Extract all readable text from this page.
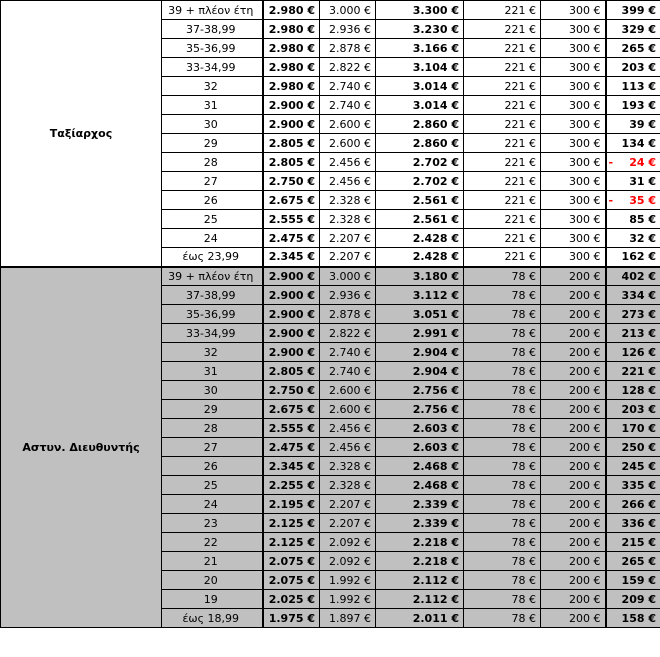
Ταξίαρχος	39 + πλέον έτη	2.980 €	3.000 €	3.300 €	221 €	300 €	399 €
	37-38,99	2.980 €	2.936 €	3.230 €	221 €	300 €	329 €
	35-36,99	2.980 €	2.878 €	3.166 €	221 €	300 €	265 €
	33-34,99	2.980 €	2.822 €	3.104 €	221 €	300 €	203 €
	32	2.980 €	2.740 €	3.014 €	221 €	300 €	113 €
	31	2.900 €	2.740 €	3.014 €	221 €	300 €	193 €
	30	2.900 €	2.600 €	2.860 €	221 €	300 €	39 €
	29	2.805 €	2.600 €	2.860 €	221 €	300 €	134 €
	28	2.805 €	2.456 €	2.702 €	221 €	300 €	- 24 €
	27	2.750 €	2.456 €	2.702 €	221 €	300 €	31 €
	26	2.675 €	2.328 €	2.561 €	221 €	300 €	- 35 €
	25	2.555 €	2.328 €	2.561 €	221 €	300 €	85 €
	24	2.475 €	2.207 €	2.428 €	221 €	300 €	32 €
	έως 23,99	2.345 €	2.207 €	2.428 €	221 €	300 €	162 €
Αστυν. Διευθυντής	39 + πλέον έτη	2.900 €	3.000 €	3.180 €	78 €	200 €	402 €
	37-38,99	2.900 €	2.936 €	3.112 €	78 €	200 €	334 €
	35-36,99	2.900 €	2.878 €	3.051 €	78 €	200 €	273 €
	33-34,99	2.900 €	2.822 €	2.991 €	78 €	200 €	213 €
	32	2.900 €	2.740 €	2.904 €	78 €	200 €	126 €
	31	2.805 €	2.740 €	2.904 €	78 €	200 €	221 €
	30	2.750 €	2.600 €	2.756 €	78 €	200 €	128 €
	29	2.675 €	2.600 €	2.756 €	78 €	200 €	203 €
	28	2.555 €	2.456 €	2.603 €	78 €	200 €	170 €
	27	2.475 €	2.456 €	2.603 €	78 €	200 €	250 €
	26	2.345 €	2.328 €	2.468 €	78 €	200 €	245 €
	25	2.255 €	2.328 €	2.468 €	78 €	200 €	335 €
	24	2.195 €	2.207 €	2.339 €	78 €	200 €	266 €
	23	2.125 €	2.207 €	2.339 €	78 €	200 €	336 €
	22	2.125 €	2.092 €	2.218 €	78 €	200 €	215 €
	21	2.075 €	2.092 €	2.218 €	78 €	200 €	265 €
	20	2.075 €	1.992 €	2.112 €	78 €	200 €	159 €
	19	2.025 €	1.992 €	2.112 €	78 €	200 €	209 €
	έως 18,99	1.975 €	1.897 €	2.011 €	78 €	200 €	158 €
